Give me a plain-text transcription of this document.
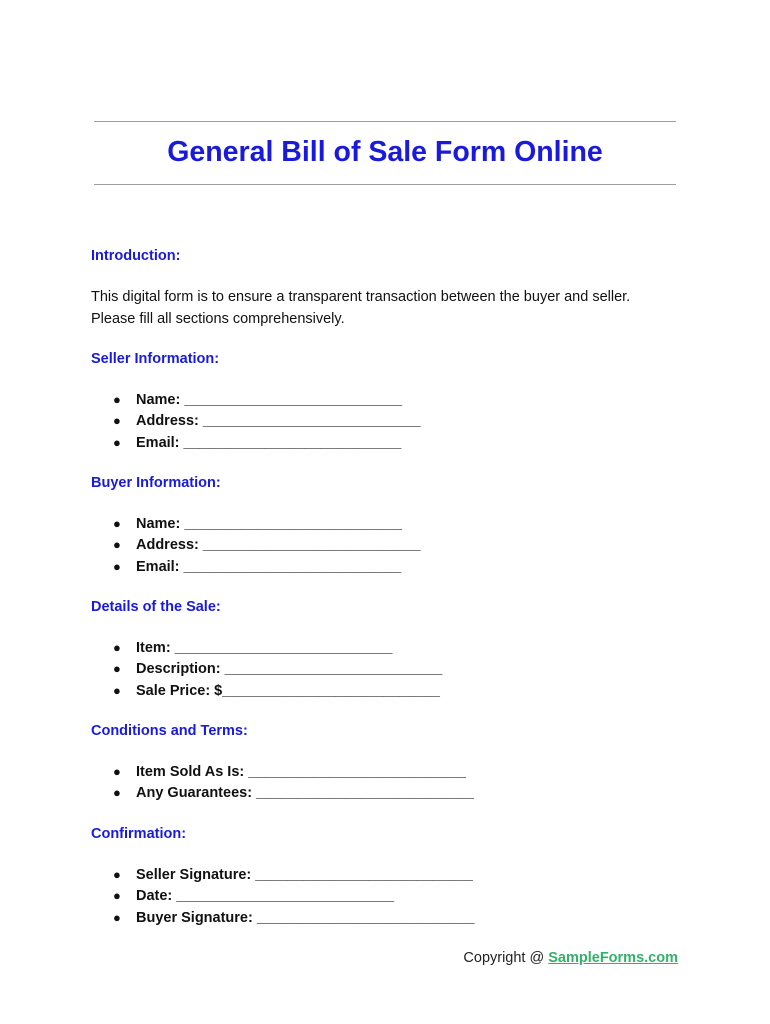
General Bill of Sale Form Online
Introduction:
This digital form is to ensure a transparent transaction between the buyer and seller.
Please fill all sections comprehensively.
Seller Information:
● Name: ___________________________
● Address: ___________________________
● Email: ___________________________
Buyer Information:
● Name: ___________________________
● Address: ___________________________
● Email: ___________________________
Details of the Sale:
● Item: ___________________________
● Description: ___________________________
● Sale Price: $___________________________
Conditions and Terms:
● Item Sold As Is: ___________________________
● Any Guarantees: ___________________________
Confirmation:
● Seller Signature: ___________________________
● Date: ___________________________
● Buyer Signature: ___________________________
Copyright @ SampleForms.com
